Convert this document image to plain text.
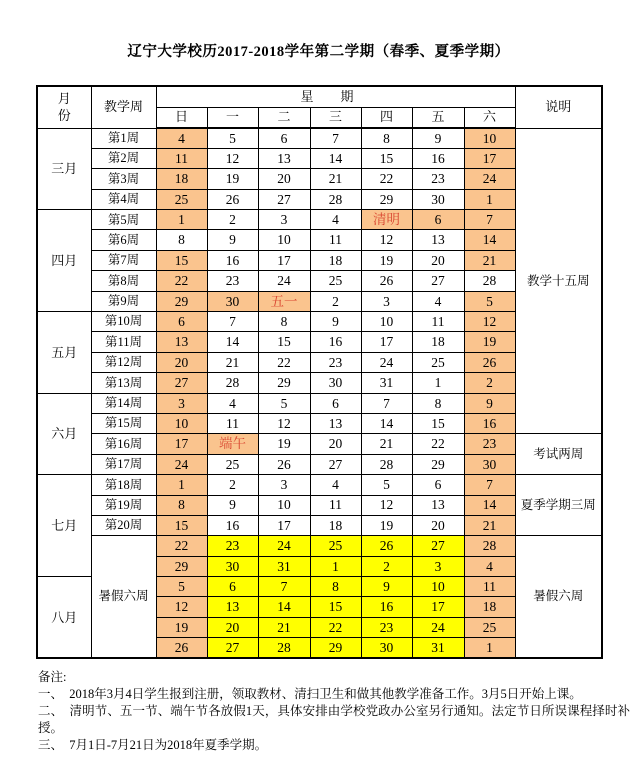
辽宁大学校历2017-2018学年第二学期（春季、夏季学期）
月份	教学周	星期							说明
		日	一	二	三	四	五	六	
三月	第1周	4	5	6	7	8	9	10	教学十五周
	第2周	11	12	13	14	15	16	17	
	第3周	18	19	20	21	22	23	24	
	第4周	25	26	27	28	29	30	1	
四月	第5周	1	2	3	4	清明	6	7	
	第6周	8	9	10	11	12	13	14	
	第7周	15	16	17	18	19	20	21	
	第8周	22	23	24	25	26	27	28	
	第9周	29	30	五一	2	3	4	5	
五月	第10周	6	7	8	9	10	11	12	
	第11周	13	14	15	16	17	18	19	
	第12周	20	21	22	23	24	25	26	
	第13周	27	28	29	30	31	1	2	
六月	第14周	3	4	5	6	7	8	9	
	第15周	10	11	12	13	14	15	16	
	第16周	17	端午	19	20	21	22	23	考试两周
	第17周	24	25	26	27	28	29	30	
七月	第18周	1	2	3	4	5	6	7	夏季学期三周
	第19周	8	9	10	11	12	13	14	
	第20周	15	16	17	18	19	20	21	
	暑假六周	22	23	24	25	26	27	28	暑假六周
		29	30	31	1	2	3	4	
八月		5	6	7	8	9	10	11	
		12	13	14	15	16	17	18	
		19	20	21	22	23	24	25	
		26	27	28	29	30	31	1	

备注:

一、　2018年3月4日学生报到注册，领取教材、清扫卫生和做其他教学准备工作。3月5日开始上课。

二、　清明节、五一节、端午节各放假1天，具体安排由学校党政办公室另行通知。法定节日所误课程择时补授。

三、　7月1日-7月21日为2018年夏季学期。
